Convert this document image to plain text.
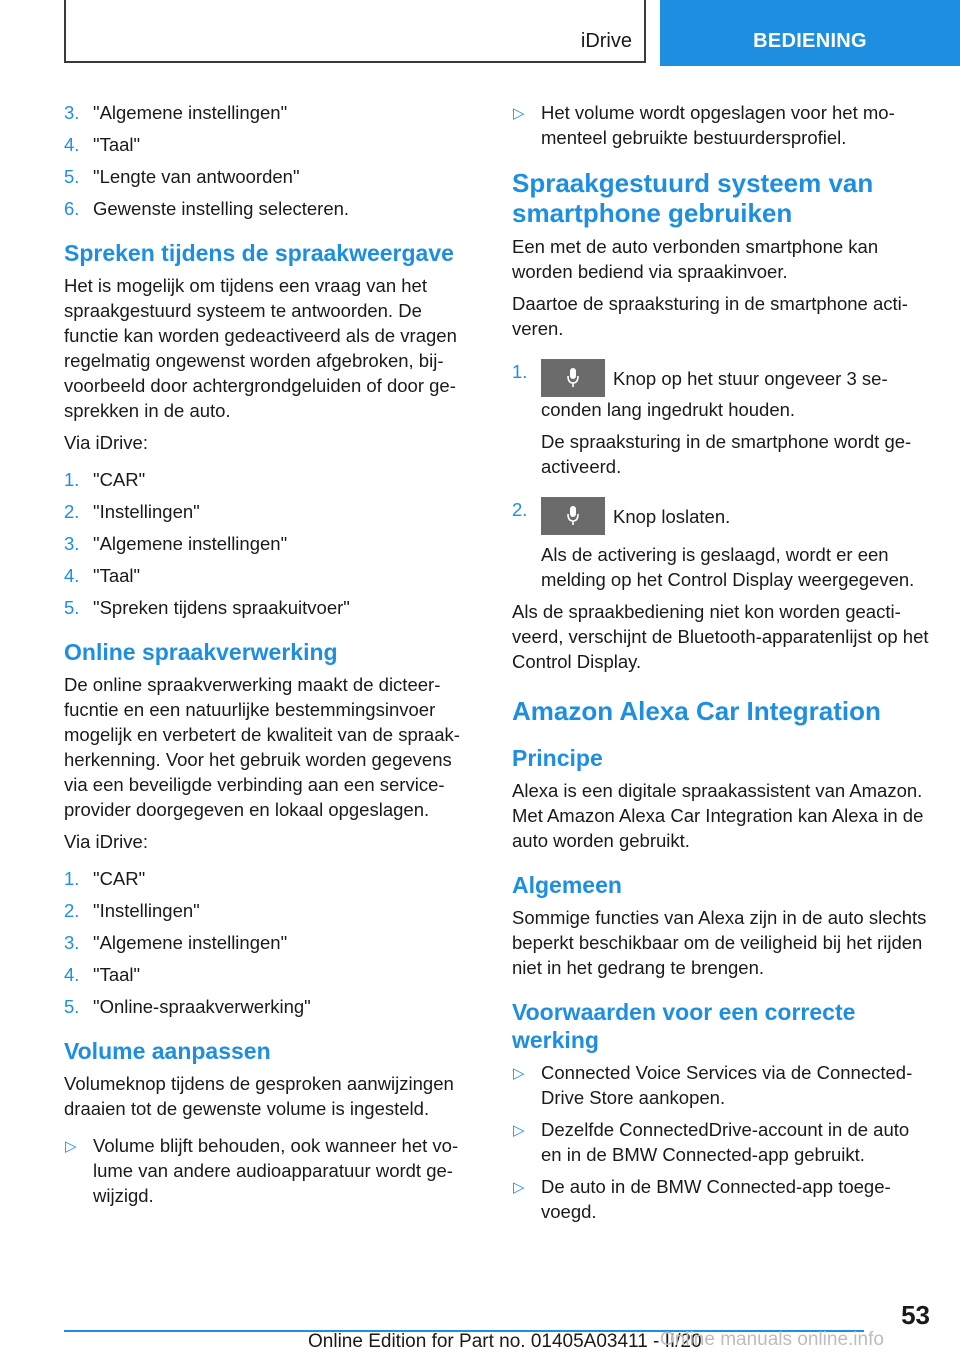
iDrive	BEDIENING
3. "Algemene instellingen"
4. "Taal"
5. "Lengte van antwoorden"
6. Gewenste instelling selecteren.
Spreken tijdens de spraakweergave
Het is mogelijk om tijdens een vraag van het spraakgestuurd systeem te antwoorden. De functie kan worden gedeactiveerd als de vragen regelmatig ongewenst worden afgebroken, bijvoorbeeld door achtergrondgeluiden of door gesprekken in de auto.
Via iDrive:
1. "CAR"
2. "Instellingen"
3. "Algemene instellingen"
4. "Taal"
5. "Spreken tijdens spraakuitvoer"
Online spraakverwerking
De online spraakverwerking maakt de dicteerfucntie en een natuurlijke bestemmingsinvoer mogelijk en verbetert de kwaliteit van de spraakherkenning. Voor het gebruik worden gegevens via een beveiligde verbinding aan een serviceprovider doorgegeven en lokaal opgeslagen.
Via iDrive:
1. "CAR"
2. "Instellingen"
3. "Algemene instellingen"
4. "Taal"
5. "Online-spraakverwerking"
Volume aanpassen
Volumeknop tijdens de gesproken aanwijzingen draaien tot de gewenste volume is ingesteld.
▷ Volume blijft behouden, ook wanneer het volume van andere audioapparatuur wordt gewijzigd.
▷ Het volume wordt opgeslagen voor het momenteel gebruikte bestuurdersprofiel.
Spraakgestuurd systeem van smartphone gebruiken
Een met de auto verbonden smartphone kan worden bediend via spraakinvoer.
Daartoe de spraaksturing in de smartphone activeren.
1.	Knop op het stuur ongeveer 3 seconden lang ingedrukt houden.
De spraaksturing in de smartphone wordt geactiveerd.
2.	Knop loslaten.
Als de activering is geslaagd, wordt er een melding op het Control Display weergegeven.
Als de spraakbediening niet kon worden geactiveerd, verschijnt de Bluetooth-apparatenlijst op het Control Display.
Amazon Alexa Car Integration
Principe
Alexa is een digitale spraakassistent van Amazon. Met Amazon Alexa Car Integration kan Alexa in de auto worden gebruikt.
Algemeen
Sommige functies van Alexa zijn in de auto slechts beperkt beschikbaar om de veiligheid bij het rijden niet in het gedrang te brengen.
Voorwaarden voor een correcte werking
▷ Connected Voice Services via de ConnectedDrive Store aankopen.
▷ Dezelfde ConnectedDrive-account in de auto en in de BMW Connected-app gebruikt.
▷ De auto in de BMW Connected-app toegevoegd.
53
Online Edition for Part no. 01405A03411 - II/20
Online manuals online.info
